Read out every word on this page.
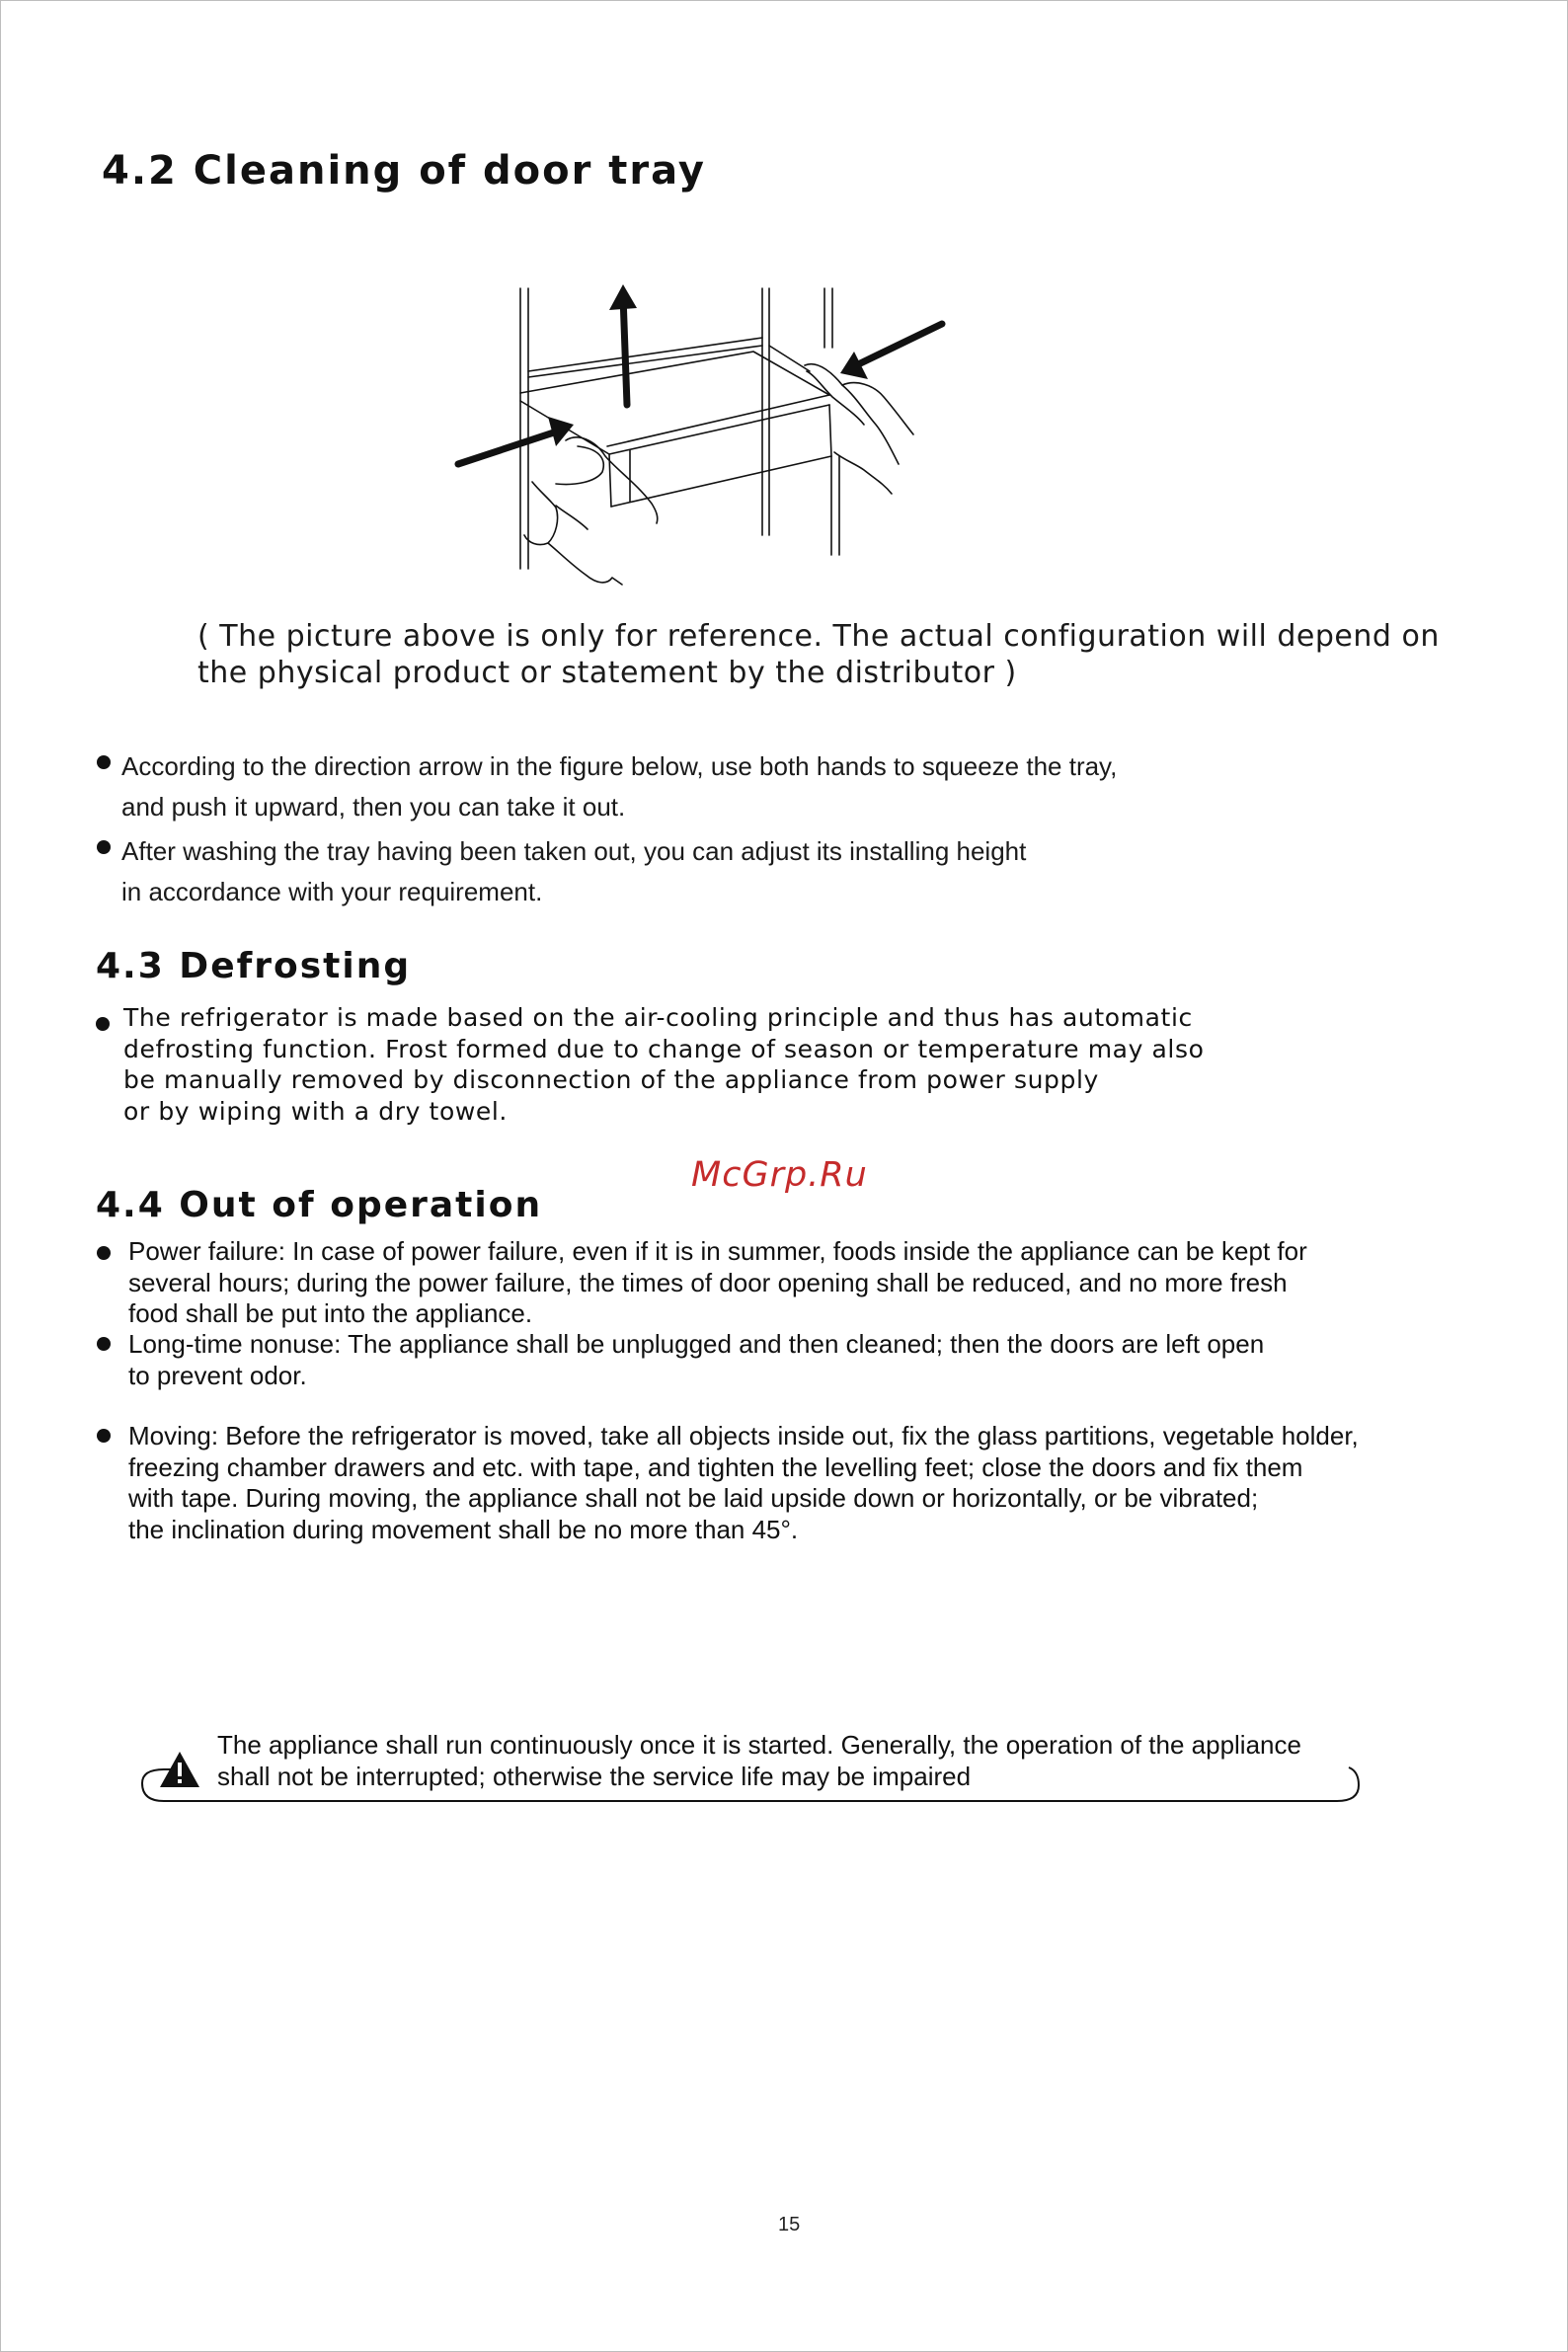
4.2 Cleaning of door tray
( The picture above is only for reference. The actual configuration will depend on
the physical product or statement by the distributor )
According to the direction arrow in the figure below, use both hands to squeeze the tray,
and push it upward, then you can take it out.
After washing the tray having been taken out, you can adjust its installing height
in accordance with your requirement.
4.3 Defrosting
The refrigerator is made based on the air-cooling principle and thus has automatic
defrosting function. Frost formed due to change of season or temperature may also
be manually removed by disconnection of the appliance from power supply
or by wiping with a dry towel.
McGrp.Ru
4.4 Out of operation
Power failure: In case of power failure, even if it is in summer, foods inside the appliance can be kept for
several hours; during the power failure, the times of door opening shall be reduced, and no more fresh
food shall be put into the appliance.
Long-time nonuse: The appliance shall be unplugged and then cleaned; then the doors are left open
to prevent odor.
Moving: Before the refrigerator is moved, take all objects inside out, fix the glass partitions, vegetable holder,
freezing chamber drawers and etc. with tape, and tighten the levelling feet; close the doors and fix them
with tape. During moving, the appliance shall not be laid upside down or horizontally, or be vibrated;
the inclination during movement shall be no more than 45°.
The appliance shall run continuously once it is started. Generally, the operation of the appliance
shall not be interrupted; otherwise the service life may be impaired
15
